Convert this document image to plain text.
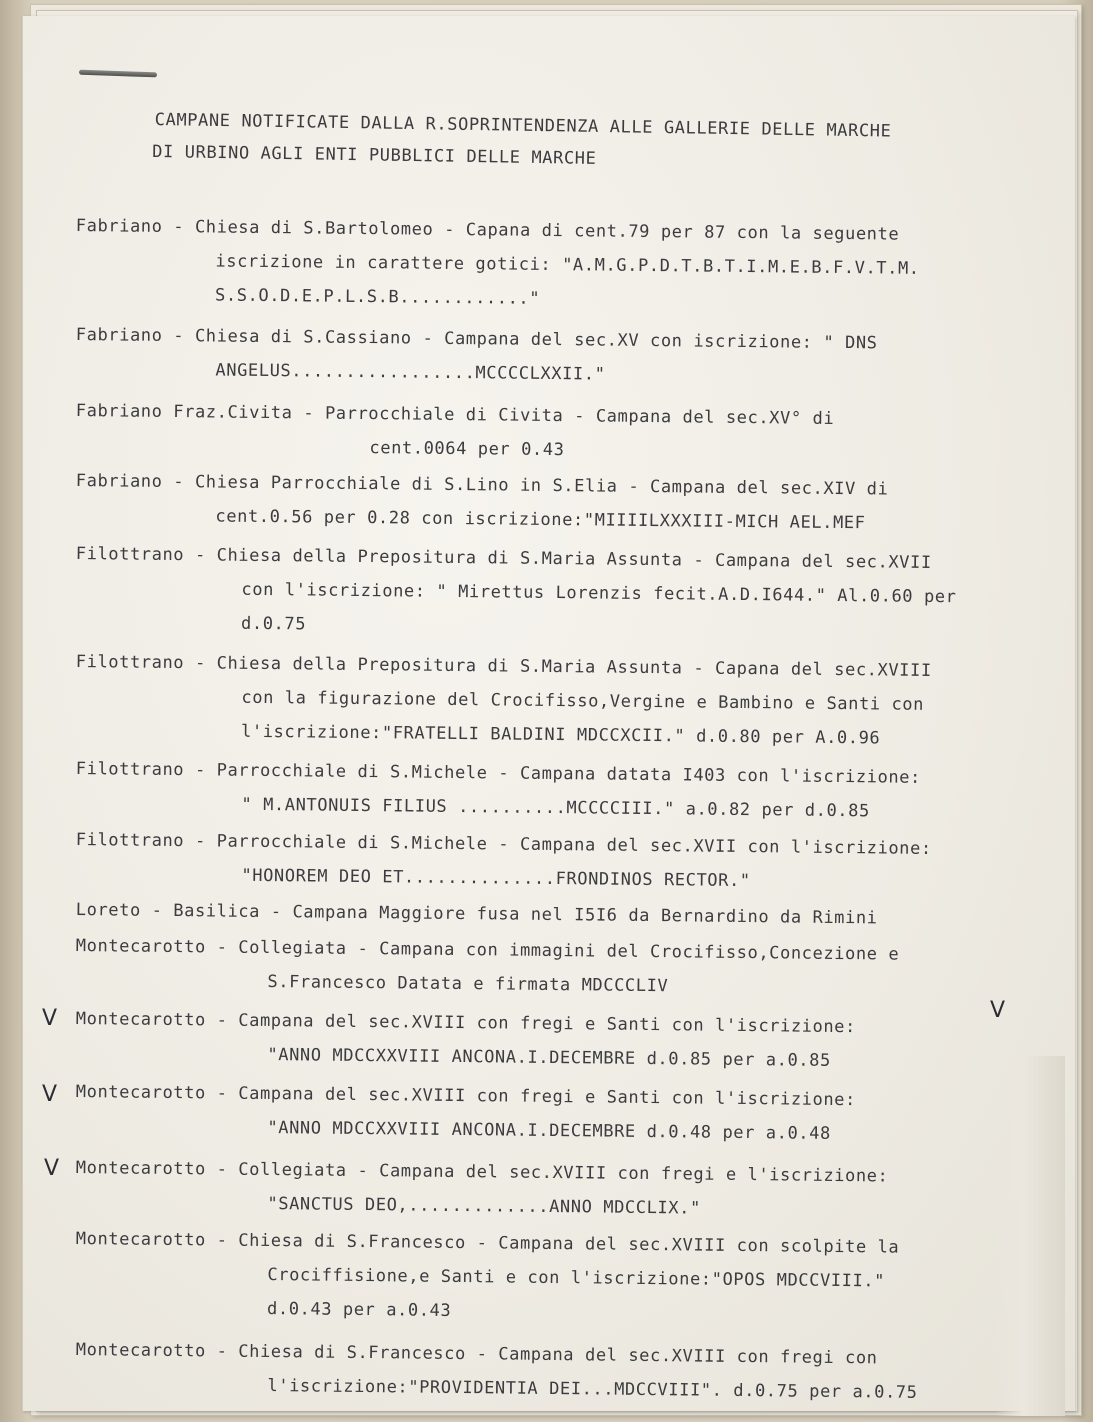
CAMPANE NOTIFICATE DALLA R.SOPRINTENDENZA ALLE GALLERIE DELLE MARCHE
DI URBINO AGLI ENTI PUBBLICI DELLE MARCHE
Fabriano - Chiesa di S.Bartolomeo - Capana di cent.79 per 87 con la seguente
iscrizione in carattere gotici: "A.M.G.P.D.T.B.T.I.M.E.B.F.V.T.M.
S.S.O.D.E.P.L.S.B............"
Fabriano - Chiesa di S.Cassiano - Campana del sec.XV con iscrizione: " DNS
ANGELUS.................MCCCCLXXII."
Fabriano Fraz.Civita - Parrocchiale di Civita - Campana del sec.XV° di
cent.0064 per 0.43
Fabriano - Chiesa Parrocchiale di S.Lino in S.Elia - Campana del sec.XIV di
cent.0.56 per 0.28 con iscrizione:"MIIIILXXXIII-MICH AEL.MEF
Filottrano - Chiesa della Prepositura di S.Maria Assunta - Campana del sec.XVII
con l'iscrizione: " Mirettus Lorenzis fecit.A.D.I644." Al.0.60 per
d.0.75
Filottrano - Chiesa della Prepositura di S.Maria Assunta - Capana del sec.XVIII
con la figurazione del Crocifisso,Vergine e Bambino e Santi con
l'iscrizione:"FRATELLI BALDINI MDCCXCII." d.0.80 per A.0.96
Filottrano - Parrocchiale di S.Michele - Campana datata I403 con l'iscrizione:
" M.ANTONUIS FILIUS ..........MCCCCIII." a.0.82 per d.0.85
Filottrano - Parrocchiale di S.Michele - Campana del sec.XVII con l'iscrizione:
"HONOREM DEO ET..............FRONDINOS RECTOR."
Loreto - Basilica - Campana Maggiore fusa nel I5I6 da Bernardino da Rimini
Montecarotto - Collegiata - Campana con immagini del Crocifisso,Concezione e
S.Francesco Datata e firmata MDCCCLIV
V	V
Montecarotto - Campana del sec.XVIII con fregi e Santi con l'iscrizione:
"ANNO MDCCXXVIII ANCONA.I.DECEMBRE d.0.85 per a.0.85
V Montecarotto - Campana del sec.XVIII con fregi e Santi con l'iscrizione:
"ANNO MDCCXXVIII ANCONA.I.DECEMBRE d.0.48 per a.0.48
V Montecarotto - Collegiata - Campana del sec.XVIII con fregi e l'iscrizione:
"SANCTUS DEO,.............ANNO MDCCLIX."
Montecarotto - Chiesa di S.Francesco - Campana del sec.XVIII con scolpite la
Crociffisione,e Santi e con l'iscrizione:"OPOS MDCCVIII."
d.0.43 per a.0.43
Montecarotto - Chiesa di S.Francesco - Campana del sec.XVIII con fregi con
l'iscrizione:"PROVIDENTIA DEI...MDCCVIII". d.0.75 per a.0.75
